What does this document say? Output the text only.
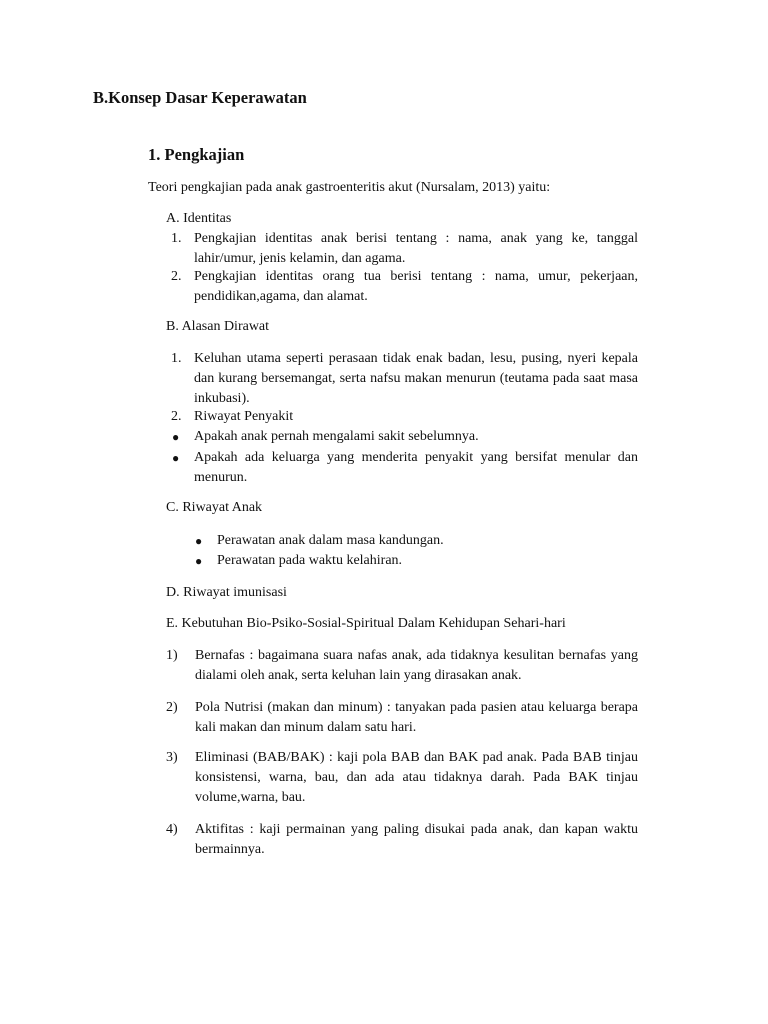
B.Konsep Dasar Keperawatan
1. Pengkajian
Teori pengkajian pada anak gastroenteritis akut (Nursalam, 2013) yaitu:
A. Identitas
1. Pengkajian identitas anak berisi tentang : nama, anak yang ke, tanggal lahir/umur, jenis kelamin, dan agama.
2. Pengkajian identitas orang tua berisi tentang : nama, umur, pekerjaan, pendidikan,agama, dan alamat.
B. Alasan Dirawat
1. Keluhan utama seperti perasaan tidak enak badan, lesu, pusing, nyeri kepala dan kurang bersemangat, serta nafsu makan menurun (teutama pada saat masa inkubasi).
2. Riwayat Penyakit
● Apakah anak pernah mengalami sakit sebelumnya.
● Apakah ada keluarga yang menderita penyakit yang bersifat menular dan menurun.
C. Riwayat Anak
● Perawatan anak dalam masa kandungan.
● Perawatan pada waktu kelahiran.
D. Riwayat imunisasi
E. Kebutuhan Bio-Psiko-Sosial-Spiritual Dalam Kehidupan Sehari-hari
1) Bernafas : bagaimana suara nafas anak, ada tidaknya kesulitan bernafas yang dialami oleh anak, serta keluhan lain yang dirasakan anak.
2) Pola Nutrisi (makan dan minum) : tanyakan pada pasien atau keluarga berapa kali makan dan minum dalam satu hari.
3) Eliminasi (BAB/BAK) : kaji pola BAB dan BAK pad anak. Pada BAB tinjau konsistensi, warna, bau, dan ada atau tidaknya darah. Pada BAK tinjau volume,warna, bau.
4) Aktifitas : kaji permainan yang paling disukai pada anak, dan kapan waktu bermainnya.
